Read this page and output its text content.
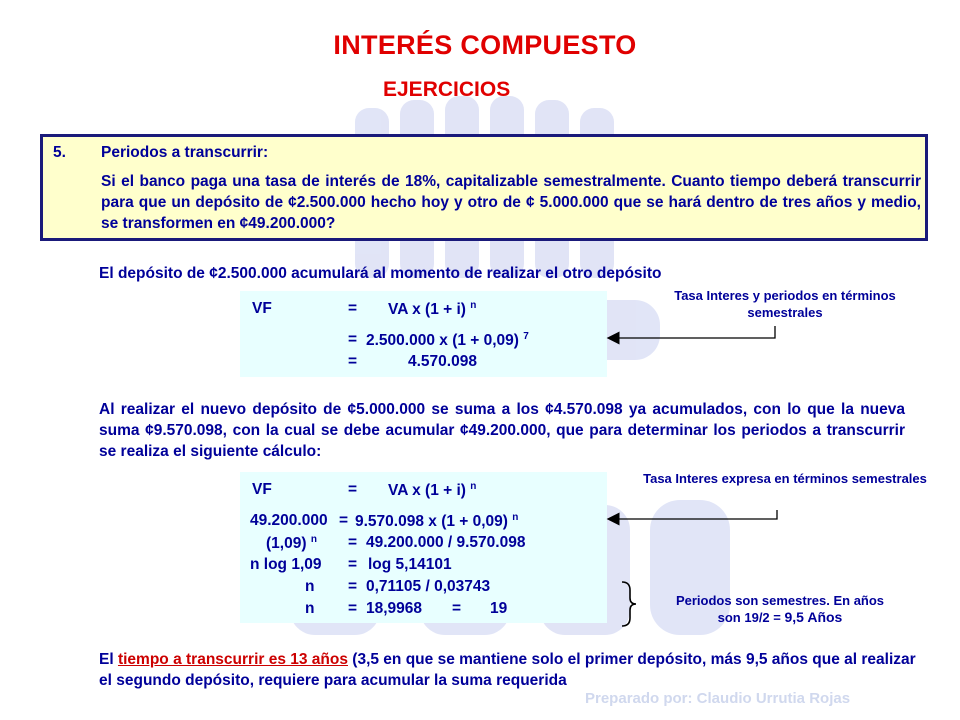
INTERÉS COMPUESTO
EJERCICIOS
5. Periodos a transcurrir:
Si el banco paga una tasa de interés de 18%, capitalizable semestralmente. Cuanto tiempo deberá transcurrir para que un depósito de ¢2.500.000 hecho hoy y otro de ¢ 5.000.000 que se hará dentro de tres años y medio, se transformen en ¢49.200.000?
El depósito de ¢2.500.000 acumulará al momento de realizar el otro depósito
VF	= VA x (1 + i) $^n$
= 2.500.000 x (1 + 0,09) $^7$
=	4.570.098
Tasa Interes y periodos en términos semestrales
Al realizar el nuevo depósito de ¢5.000.000 se suma a los ¢4.570.098 ya acumulados, con lo que la nueva suma ¢9.570.098, con la cual se debe acumular ¢49.200.000, que para determinar los periodos a transcurrir se realiza el siguiente cálculo:
VF	= VA x (1 + i) $^n$
49.200.000 = 9.570.098 x (1 + 0,09) $^n$
(1,09) $^n$ = 49.200.000 / 9.570.098
n log 1,09 = log 5,14101
n = 0,71105 / 0,03743
n = 18,9968 = 19
Tasa Interes expresa en términos semestrales
Periodos son semestres. En años
son 19/2 = 9,5 Años
El tiempo a transcurrir es 13 años (3,5 en que se mantiene solo el primer depósito, más 9,5 años que al realizar el segundo depósito, requiere para acumular la suma requerida
Preparado por: Claudio Urrutia Rojas
